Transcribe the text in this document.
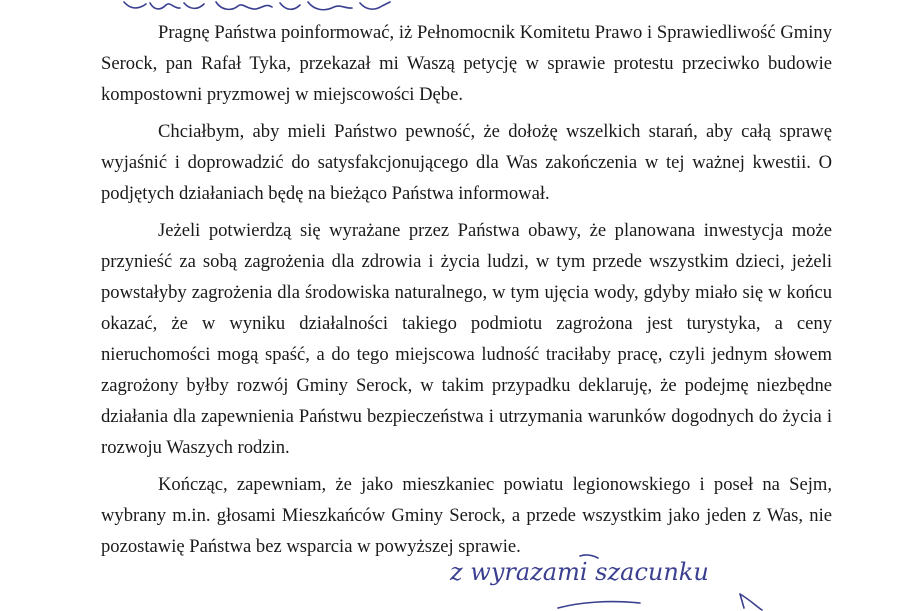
Pragnę Państwa poinformować, iż Pełnomocnik Komitetu Prawo i Sprawiedliwość Gminy Serock, pan Rafał Tyka, przekazał mi Waszą petycję w sprawie protestu przeciwko budowie kompostowni pryzmowej w miejscowości Dębe.

Chciałbym, aby mieli Państwo pewność, że dołożę wszelkich starań, aby całą sprawę wyjaśnić i doprowadzić do satysfakcjonującego dla Was zakończenia w tej ważnej kwestii. O podjętych działaniach będę na bieżąco Państwa informował.

Jeżeli potwierdzą się wyrażane przez Państwa obawy, że planowana inwestycja może przynieść za sobą zagrożenia dla zdrowia i życia ludzi, w tym przede wszystkim dzieci, jeżeli powstałyby zagrożenia dla środowiska naturalnego, w tym ujęcia wody, gdyby miało się w końcu okazać, że w wyniku działalności takiego podmiotu zagrożona jest turystyka, a ceny nieruchomości mogą spaść, a do tego miejscowa ludność traciłaby pracę, czyli jednym słowem zagrożony byłby rozwój Gminy Serock, w takim przypadku deklaruję, że podejmę niezbędne działania dla zapewnienia Państwu bezpieczeństwa i utrzymania warunków dogodnych do życia i rozwoju Waszych rodzin.

Kończąc, zapewniam, że jako mieszkaniec powiatu legionowskiego i poseł na Sejm, wybrany m.in. głosami Mieszkańców Gminy Serock, a przede wszystkim jako jeden z Was, nie pozostawię Państwa bez wsparcia w powyższej sprawie.

z wyrazami szacunku
